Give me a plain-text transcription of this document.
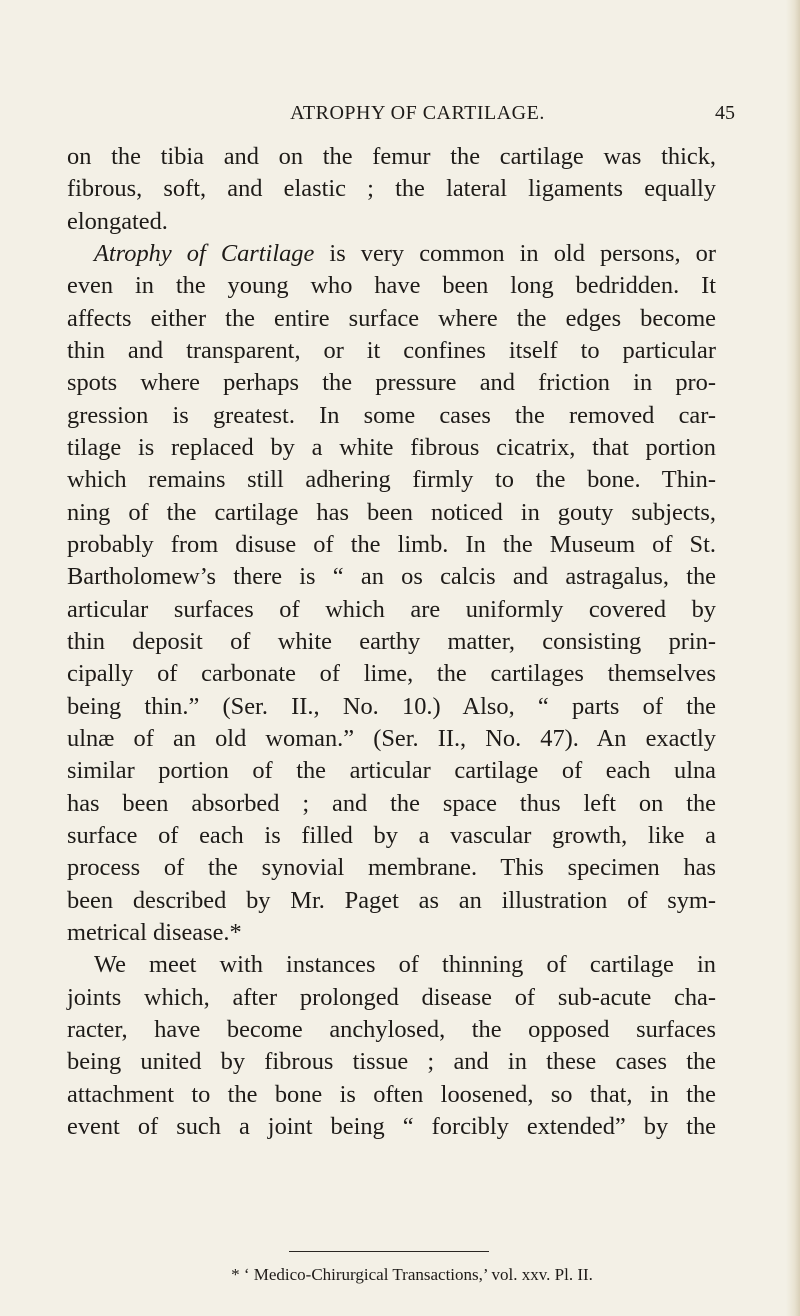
ATROPHY OF CARTILAGE.	45
on the tibia and on the femur the cartilage was thick,
fibrous, soft, and elastic ; the lateral ligaments equally
elongated.
Atrophy of Cartilage is very common in old persons, or
even in the young who have been long bedridden. It
affects either the entire surface where the edges become
thin and transparent, or it confines itself to particular
spots where perhaps the pressure and friction in pro-
gression is greatest. In some cases the removed car-
tilage is replaced by a white fibrous cicatrix, that portion
which remains still adhering firmly to the bone. Thin-
ning of the cartilage has been noticed in gouty subjects,
probably from disuse of the limb. In the Museum of St.
Bartholomew’s there is “ an os calcis and astragalus, the
articular surfaces of which are uniformly covered by
thin deposit of white earthy matter, consisting prin-
cipally of carbonate of lime, the cartilages themselves
being thin.” (Ser. II., No. 10.) Also, “ parts of the
ulnæ of an old woman.” (Ser. II., No. 47). An exactly
similar portion of the articular cartilage of each ulna
has been absorbed ; and the space thus left on the
surface of each is filled by a vascular growth, like a
process of the synovial membrane. This specimen has
been described by Mr. Paget as an illustration of sym-
metrical disease.*
We meet with instances of thinning of cartilage in
joints which, after prolonged disease of sub-acute cha-
racter, have become anchylosed, the opposed surfaces
being united by fibrous tissue ; and in these cases the
attachment to the bone is often loosened, so that, in the
event of such a joint being “ forcibly extended” by the
* ‘ Medico-Chirurgical Transactions,’ vol. xxv. Pl. II.
